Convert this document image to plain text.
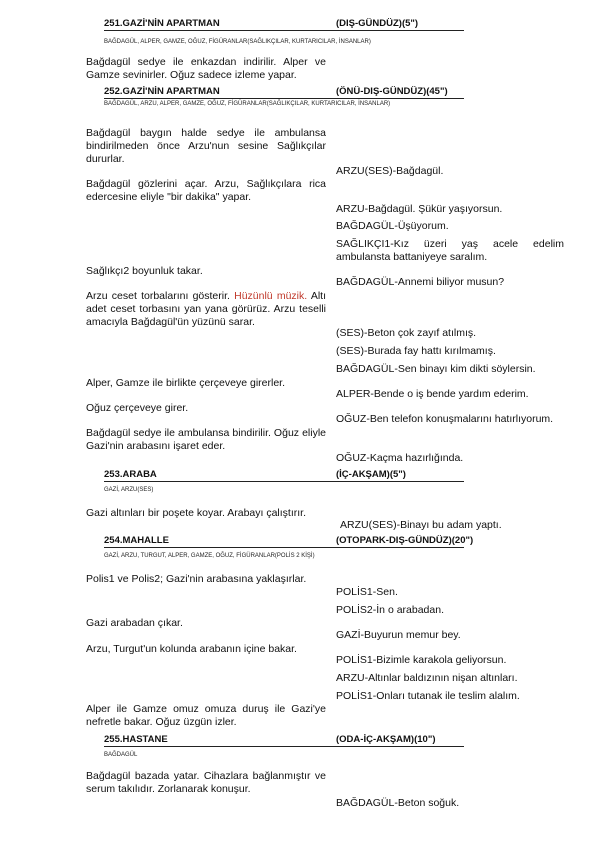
251.GAZİ'NİN APARTMAN	(DIŞ-GÜNDÜZ)(5")
BAĞDAGÜL, ALPER, GAMZE, OĞUZ, FİGÜRANLAR(SAĞLIKÇILAR, KURTARICILAR, İNSANLAR)
Bağdagül sedye ile enkazdan indirilir. Alper ve Gamze sevinirler. Oğuz sadece izleme yapar.
252.GAZİ'NİN APARTMAN	(ÖNÜ-DIŞ-GÜNDÜZ)(45")
BAĞDAGÜL, ARZU, ALPER, GAMZE, OĞUZ, FİGÜRANLAR(SAĞLIKÇILAR, KURTARICILAR, İNSANLAR)
Bağdagül baygın halde sedye ile ambulansa bindirilmeden önce Arzu'nun sesine Sağlıkçılar dururlar.
Bağdagül gözlerini açar. Arzu, Sağlıkçılara rica edercesine eliyle "bir dakika" yapar.
ARZU(SES)-Bağdagül.
ARZU-Bağdagül. Şükür yaşıyorsun.
BAĞDAGÜL-Üşüyorum.
SAĞLIKÇI1-Kız üzeri yaş acele edelim ambulansta battaniyeye saralım.
Sağlıkçı2 boyunluk takar.
BAĞDAGÜL-Annemi biliyor musun?
Arzu ceset torbalarını gösterir. Hüzünlü müzik. Altı adet ceset torbasını yan yana görürüz. Arzu teselli amacıyla Bağdagül'ün yüzünü sarar.
(SES)-Beton çok zayıf atılmış.
(SES)-Burada fay hattı kırılmamış.
BAĞDAGÜL-Sen binayı kim dikti söylersin.
Alper, Gamze ile birlikte çerçeveye girerler.
ALPER-Bende o iş bende yardım ederim.
Oğuz çerçeveye girer.
OĞUZ-Ben telefon konuşmalarını hatırlıyorum.
Bağdagül sedye ile ambulansa bindirilir. Oğuz eliyle Gazi'nin arabasını işaret eder.
OĞUZ-Kaçma hazırlığında.
253.ARABA	(İÇ-AKŞAM)(5")
GAZİ, ARZU(SES)
Gazi altınları bir poşete koyar. Arabayı çalıştırır.
ARZU(SES)-Binayı bu adam yaptı.
254.MAHALLE	(OTOPARK-DIŞ-GÜNDÜZ)(20")
GAZİ, ARZU, TURGUT, ALPER, GAMZE, OĞUZ, FİGÜRANLAR(POLİS 2 KİŞİ)
Polis1 ve Polis2; Gazi'nin arabasına yaklaşırlar.
POLİS1-Sen.
POLİS2-İn o arabadan.
Gazi arabadan çıkar.
GAZİ-Buyurun memur bey.
Arzu, Turgut'un kolunda arabanın içine bakar.
POLİS1-Bizimle karakola geliyorsun.
ARZU-Altınlar baldızının nişan altınları.
POLİS1-Onları tutanak ile teslim alalım.
Alper ile Gamze omuz omuza duruş ile Gazi'ye nefretle bakar. Oğuz üzgün izler.
255.HASTANE	(ODA-İÇ-AKŞAM)(10")
BAĞDAGÜL
Bağdagül bazada yatar. Cihazlara bağlanmıştır ve serum takılıdır. Zorlanarak konuşur.
BAĞDAGÜL-Beton soğuk.
